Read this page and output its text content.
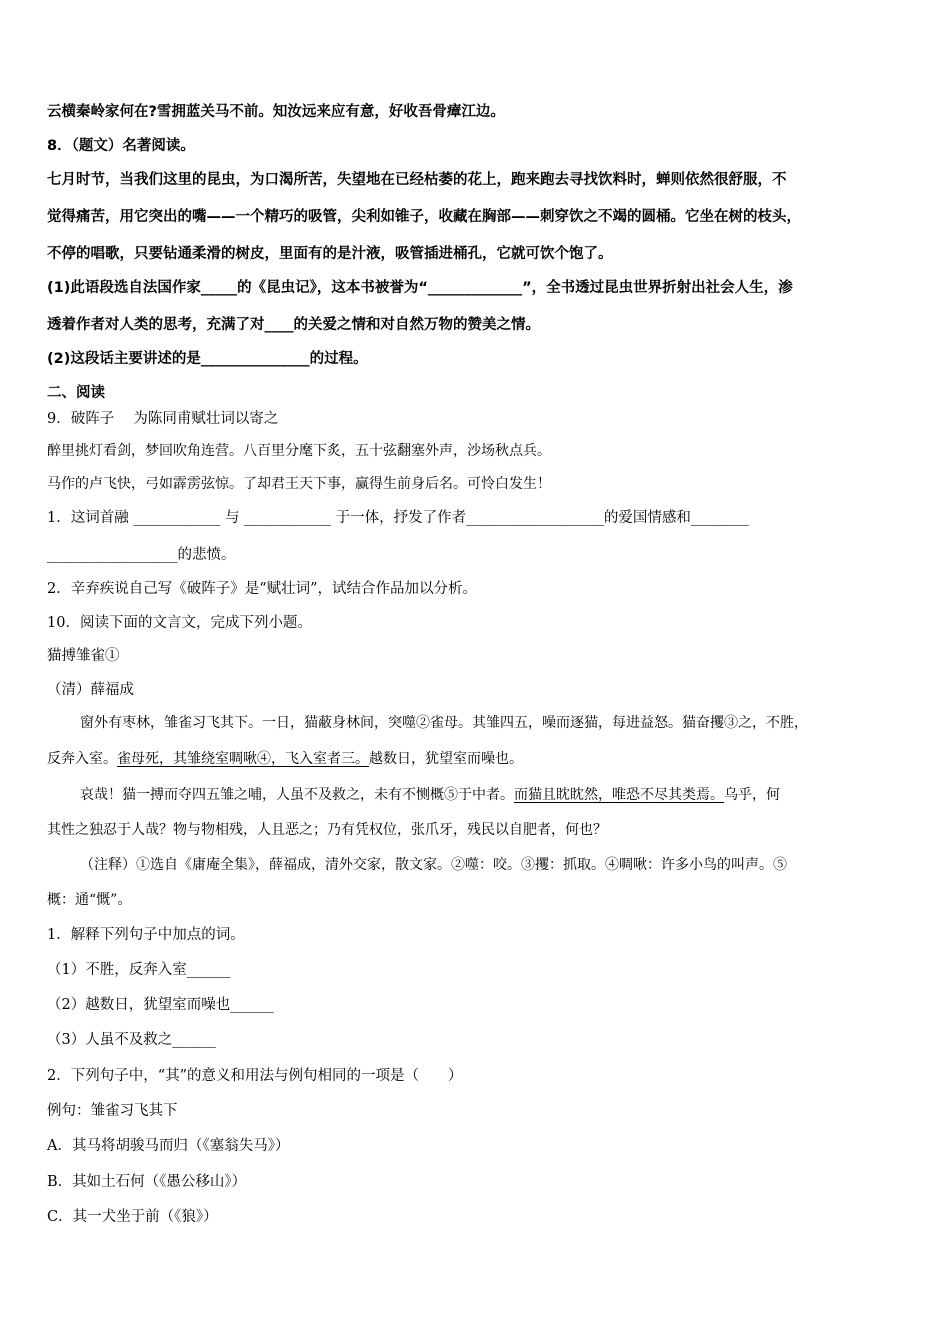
云横秦岭家何在?雪拥蓝关马不前。知汝远来应有意，好收吾骨瘴江边。
8．（题文）名著阅读。
七月时节，当我们这里的昆虫，为口渴所苦，失望地在已经枯萎的花上，跑来跑去寻找饮料时，蝉则依然很舒服，不
觉得痛苦，用它突出的嘴——一个精巧的吸管，尖利如锥子，收藏在胸部——刺穿饮之不竭的圆桶。它坐在树的枝头，
不停的唱歌，只要钻通柔滑的树皮，里面有的是汁液，吸管插进桶孔，它就可饮个饱了。
(1)此语段选自法国作家_____的《昆虫记》，这本书被誉为“_____________”，全书透过昆虫世界折射出社会人生，渗
透着作者对人类的思考，充满了对____的关爱之情和对自然万物的赞美之情。
(2)这段话主要讲述的是_______________的过程。
二、阅读
9．破阵子　 为陈同甫赋壮词以寄之
醉里挑灯看剑，梦回吹角连营。八百里分麾下炙，五十弦翻塞外声，沙场秋点兵。
马作的卢飞快，弓如霹雳弦惊。了却君王天下事，赢得生前身后名。可怜白发生！
1．这词首融 ____________ 与 ____________ 于一体，抒发了作者___________________的爱国情感和________
__________________的悲愤。
2．辛弃疾说自己写《破阵子》是“赋壮词”，试结合作品加以分析。
10．阅读下面的文言文，完成下列小题。
猫搏雏雀①
（清）薛福成
窗外有枣林，雏雀习飞其下。一日，猫蔽身林间，突噬②雀母。其雏四五，噪而逐猫，每进益怒。猫奋攫③之，不胜，
反奔入室。雀母死，其雏绕室啁啾④，飞入室者三。越数日，犹望室而噪也。
哀哉！猫一搏而夺四五雏之哺，人虽不及救之，未有不恻概⑤于中者。而猫且眈眈然，唯恐不尽其类焉。乌乎，何
其性之独忍于人哉？物与物相残，人且恶之；乃有凭权位，张爪牙，残民以自肥者，何也？
（注释）①选自《庸庵全集》，薛福成，清外交家，散文家。②噬：咬。③攫：抓取。④啁啾：许多小鸟的叫声。⑤
概：通“慨”。
1．解释下列句子中加点的词。
（1）不胜，反奔入室______
（2）越数日，犹望室而噪也______
（3）人虽不及救之______
2．下列句子中，“其”的意义和用法与例句相同的一项是（　　）
例句：雏雀习飞其下
A．其马将胡骏马而归（《塞翁失马》）
B．其如土石何（《愚公移山》）
C．其一犬坐于前（《狼》）
